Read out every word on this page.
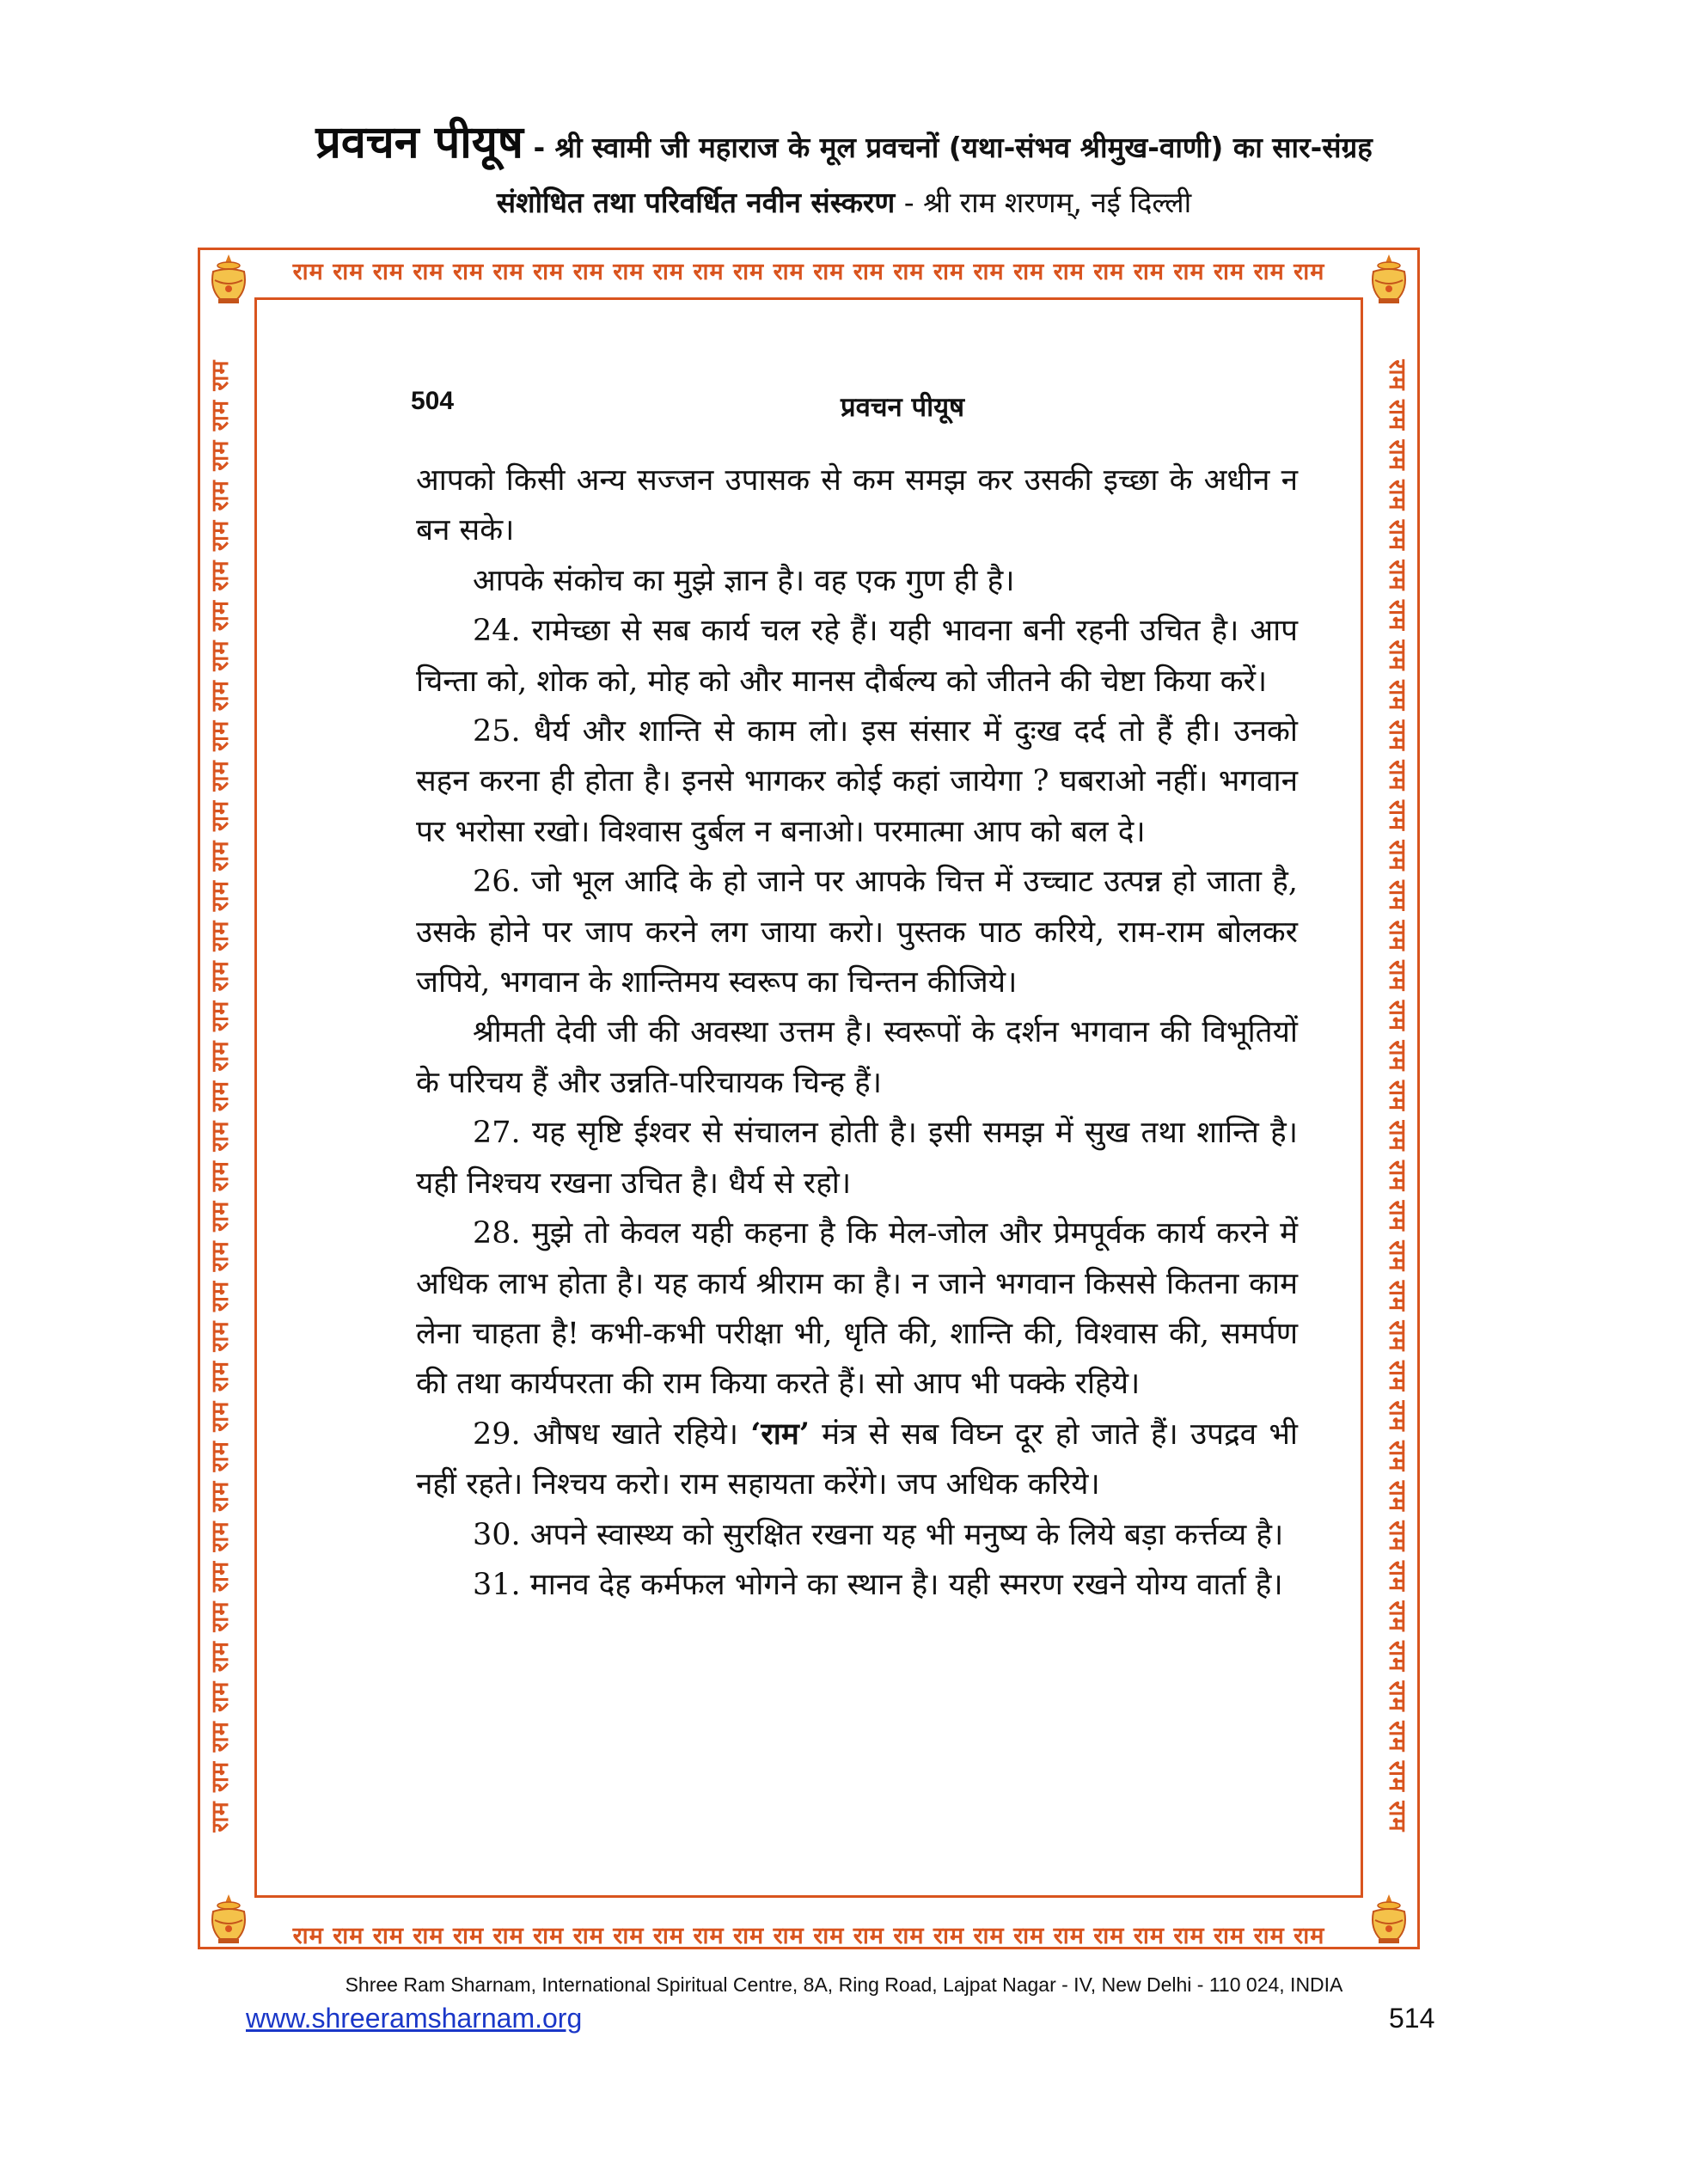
प्रवचन पीयूष - श्री स्वामी जी महाराज के मूल प्रवचनों (यथा-संभव श्रीमुख-वाणी) का सार-संग्रह
संशोधित तथा परिवर्धित नवीन संस्करण - श्री राम शरणम्, नई दिल्ली
राम राम राम राम राम राम राम राम राम राम राम राम राम राम राम राम राम राम राम राम राम राम राम राम राम राम
राम राम राम राम राम राम राम राम राम राम राम राम राम राम राम राम राम राम राम राम राम राम राम राम राम राम
राम राम राम राम राम राम राम राम राम राम राम राम राम राम राम राम राम राम राम राम राम राम राम राम राम राम राम राम राम राम राम राम राम राम राम राम राम	राम राम राम राम राम राम राम राम राम राम राम राम राम राम राम राम राम राम राम राम राम राम राम राम राम राम राम राम राम राम राम राम राम राम राम राम राम
504	प्रवचन पीयूष

आपको किसी अन्य सज्जन उपासक से कम समझ कर उसकी इच्छा के अधीन न बन सके।

आपके संकोच का मुझे ज्ञान है। वह एक गुण ही है।

24. रामेच्छा से सब कार्य चल रहे हैं। यही भावना बनी रहनी उचित है। आप चिन्ता को, शोक को, मोह को और मानस दौर्बल्य को जीतने की चेष्टा किया करें।

25. धैर्य और शान्ति से काम लो। इस संसार में दुःख दर्द तो हैं ही। उनको सहन करना ही होता है। इनसे भागकर कोई कहां जायेगा ? घबराओ नहीं। भगवान पर भरोसा रखो। विश्वास दुर्बल न बनाओ। परमात्मा आप को बल दे।

26. जो भूल आदि के हो जाने पर आपके चित्त में उच्चाट उत्पन्न हो जाता है, उसके होने पर जाप करने लग जाया करो। पुस्तक पाठ करिये, राम-राम बोलकर जपिये, भगवान के शान्तिमय स्वरूप का चिन्तन कीजिये।

श्रीमती देवी जी की अवस्था उत्तम है। स्वरूपों के दर्शन भगवान की विभूतियों के परिचय हैं और उन्नति-परिचायक चिन्ह हैं।

27. यह सृष्टि ईश्वर से संचालन होती है। इसी समझ में सुख तथा शान्ति है। यही निश्चय रखना उचित है। धैर्य से रहो।

28. मुझे तो केवल यही कहना है कि मेल-जोल और प्रेमपूर्वक कार्य करने में अधिक लाभ होता है। यह कार्य श्रीराम का है। न जाने भगवान किससे कितना काम लेना चाहता है! कभी-कभी परीक्षा भी, धृति की, शान्ति की, विश्वास की, समर्पण की तथा कार्यपरता की राम किया करते हैं। सो आप भी पक्के रहिये।

29. औषध खाते रहिये। ‘राम’ मंत्र से सब विघ्न दूर हो जाते हैं। उपद्रव भी नहीं रहते। निश्चय करो। राम सहायता करेंगे। जप अधिक करिये।

30. अपने स्वास्थ्य को सुरक्षित रखना यह भी मनुष्य के लिये बड़ा कर्त्तव्य है।

31. मानव देह कर्मफल भोगने का स्थान है। यही स्मरण रखने योग्य वार्ता है।

Shree Ram Sharnam, International Spiritual Centre, 8A, Ring Road, Lajpat Nagar - IV, New Delhi - 110 024, INDIA
www.shreeramsharnam.org	514
